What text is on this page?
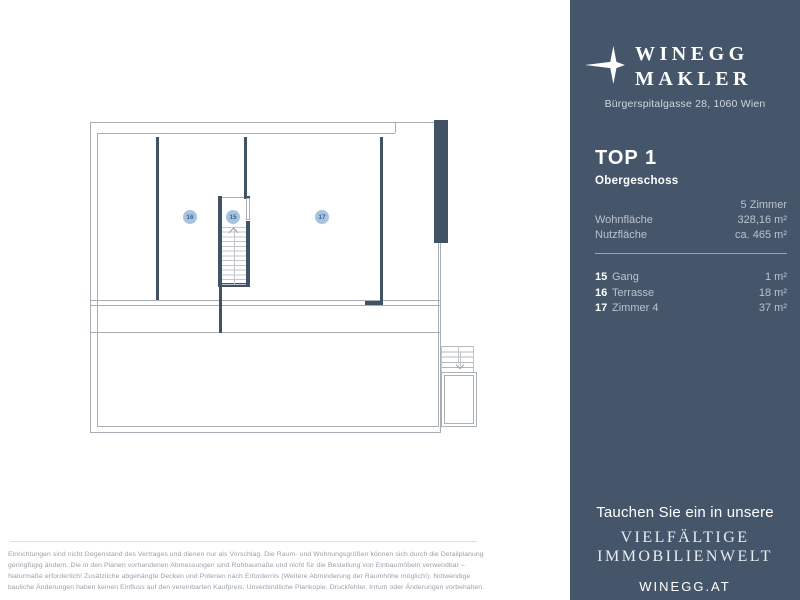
16	15	17
Einrichtungen sind nicht Gegenstand des Vertrages und dienen nur als Vorschlag. Die Raum- und Wohnungsgrößen können sich durch die Detailplanung
geringfügig ändern. Die in den Plänen vorhandenen Abmessungen sind Rohbaumaße und nicht für die Bestellung von Einbaumöbeln verwendbar –
Naturmaße erforderlich! Zusätzliche abgehängte Decken und Poterien nach Erfordernis (Weitere Abminderung der Raumhöhe möglich!). Notwendige
bauliche Änderungen haben keinen Einfluss auf den vereinbarten Kaufpreis. Unverbindliche Plankopie, Druckfehler, Irrtum oder Änderungen vorbehalten.
WINEGG
MAKLER
Bürgerspitalgasse 28, 1060 Wien
TOP 1
Obergeschoss
5 Zimmer
Wohnfläche	328,16 m²
Nutzfläche	ca. 465 m²
15 Gang	1 m²
16 Terrasse	18 m²
17 Zimmer 4	37 m²
Tauchen Sie ein in unsere
VIELFÄLTIGE
IMMOBILIENWELT
WINEGG.AT
